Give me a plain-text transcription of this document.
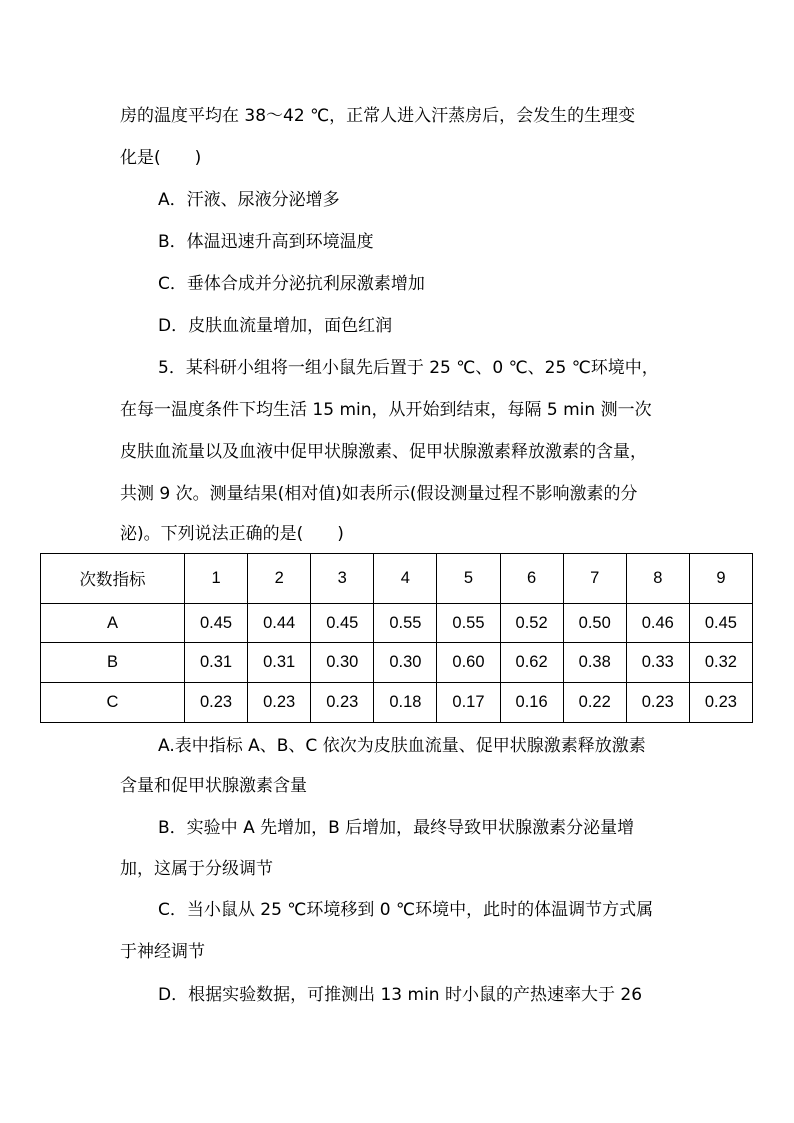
房的温度平均在 38～42 ℃，正常人进入汗蒸房后，会发生的生理变
化是(　　)
A．汗液、尿液分泌增多
B．体温迅速升高到环境温度
C．垂体合成并分泌抗利尿激素增加
D．皮肤血流量增加，面色红润
5．某科研小组将一组小鼠先后置于 25 ℃、0 ℃、25 ℃环境中，
在每一温度条件下均生活 15 min，从开始到结束，每隔 5 min 测一次
皮肤血流量以及血液中促甲状腺激素、促甲状腺激素释放激素的含量，
共测 9 次。测量结果(相对值)如表所示(假设测量过程不影响激素的分
泌)。下列说法正确的是(　　)
次数指标	1	2	3	4	5	6	7	8	9
A	0.45	0.44	0.45	0.55	0.55	0.52	0.50	0.46	0.45
B	0.31	0.31	0.30	0.30	0.60	0.62	0.38	0.33	0.32
C	0.23	0.23	0.23	0.18	0.17	0.16	0.22	0.23	0.23
A.表中指标 A、B、C 依次为皮肤血流量、促甲状腺激素释放激素
含量和促甲状腺激素含量
B．实验中 A 先增加，B 后增加，最终导致甲状腺激素分泌量增
加，这属于分级调节
C．当小鼠从 25 ℃环境移到 0 ℃环境中，此时的体温调节方式属
于神经调节
D．根据实验数据，可推测出 13 min 时小鼠的产热速率大于 26
